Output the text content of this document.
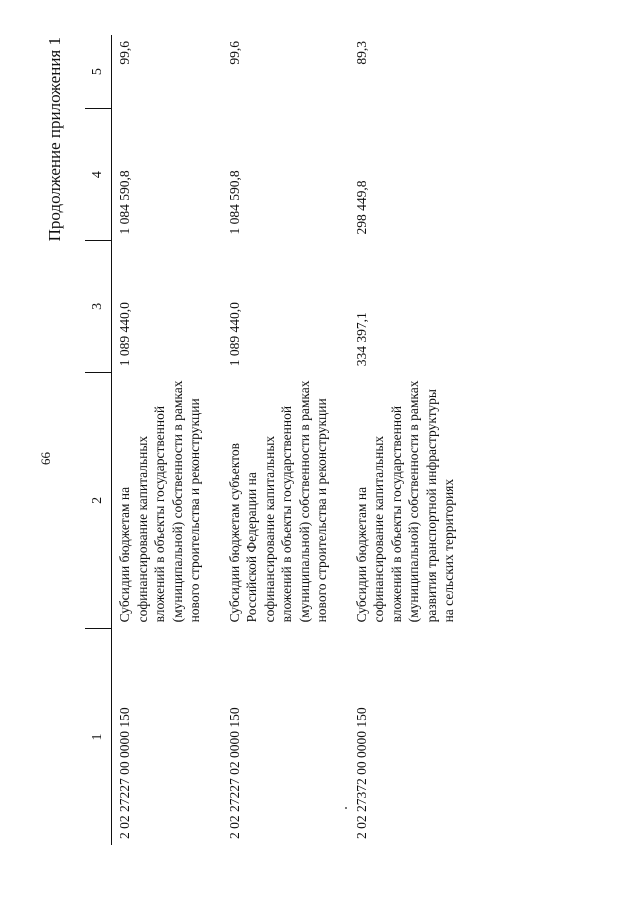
66
Продолжение приложения 1
1	2	3	4	5
2 02 27227 00 0000 150	Субсидии бюджетам на софинансирование капитальных вложений в объекты государственной (муниципальной) собственности в рамках нового строительства и реконструкции	1 089 440,0	1 084 590,8	99,6
2 02 27227 02 0000 150	Субсидии бюджетам субъектов Российской Федерации на софинансирование капитальных вложений в объекты государственной (муниципальной) собственности в рамках нового строительства и реконструкции	1 089 440,0	1 084 590,8	99,6
2 02 27372 00 0000 150	Субсидии бюджетам на софинансирование капитальных вложений в объекты государственной (муниципальной) собственности в рамках развития транспортной инфраструктуры на сельских территориях	334 397,1	298 449,8	89,3
